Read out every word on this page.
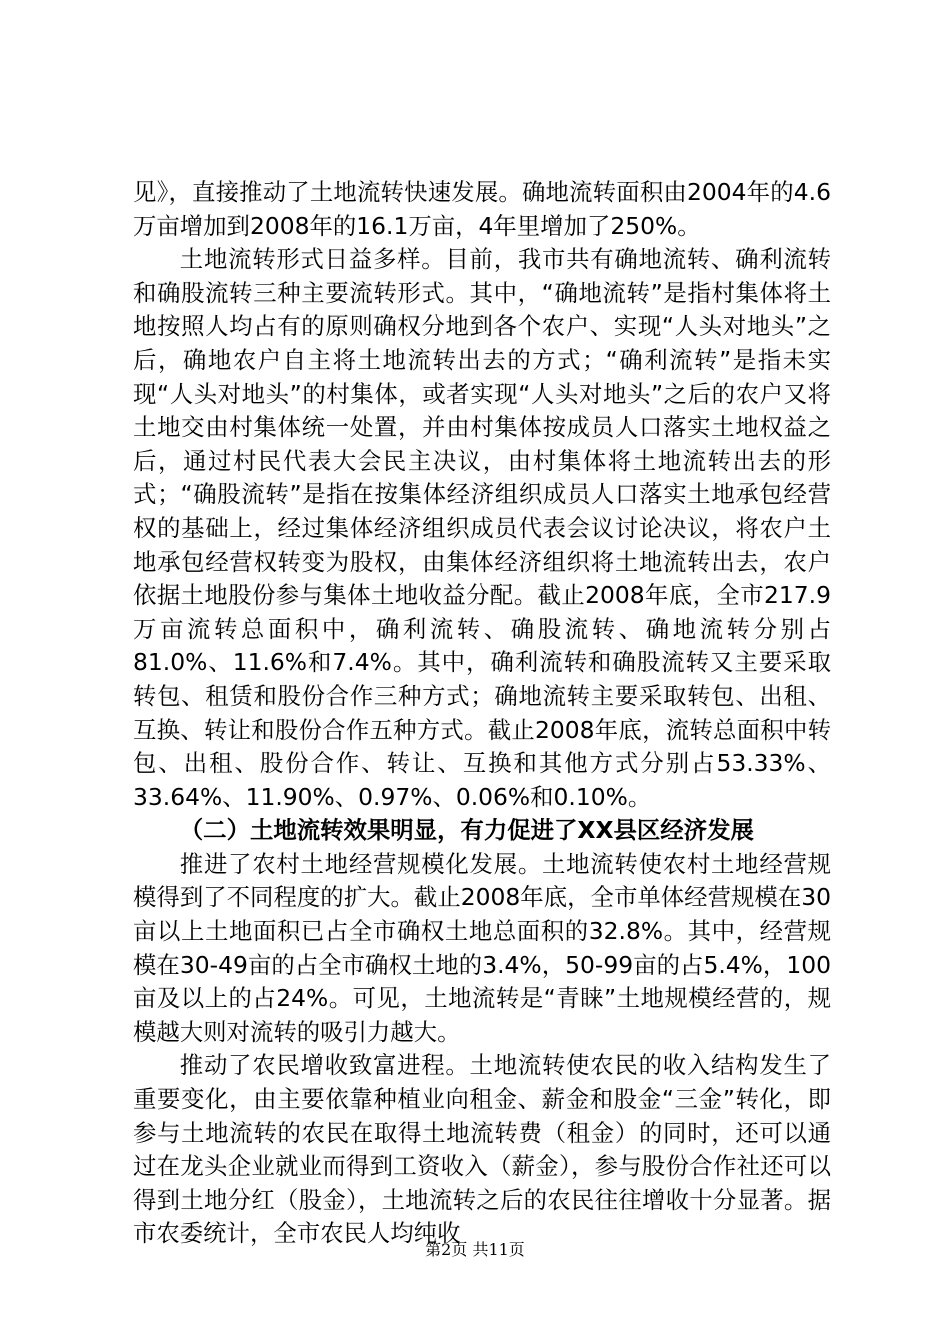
见》，直接推动了土地流转快速发展。确地流转面积由2004年的4.6万亩增加到2008年的16.1万亩，4年里增加了250%。

土地流转形式日益多样。目前，我市共有确地流转、确利流转和确股流转三种主要流转形式。其中，“确地流转”是指村集体将土地按照人均占有的原则确权分地到各个农户、实现“人头对地头”之后，确地农户自主将土地流转出去的方式；“确利流转”是指未实现“人头对地头”的村集体，或者实现“人头对地头”之后的农户又将土地交由村集体统一处置，并由村集体按成员人口落实土地权益之后，通过村民代表大会民主决议，由村集体将土地流转出去的形式；“确股流转”是指在按集体经济组织成员人口落实土地承包经营权的基础上，经过集体经济组织成员代表会议讨论决议，将农户土地承包经营权转变为股权，由集体经济组织将土地流转出去，农户依据土地股份参与集体土地收益分配。截止2008年底，全市217.9万亩流转总面积中，确利流转、确股流转、确地流转分别占81.0%、11.6%和7.4%。其中，确利流转和确股流转又主要采取转包、租赁和股份合作三种方式；确地流转主要采取转包、出租、互换、转让和股份合作五种方式。截止2008年底，流转总面积中转包、出租、股份合作、转让、互换和其他方式分别占53.33%、33.64%、11.90%、0.97%、0.06%和0.10%。

（二）土地流转效果明显，有力促进了XX县区经济发展

推进了农村土地经营规模化发展。土地流转使农村土地经营规模得到了不同程度的扩大。截止2008年底，全市单体经营规模在30亩以上土地面积已占全市确权土地总面积的32.8%。其中，经营规模在30-49亩的占全市确权土地的3.4%，50-99亩的占5.4%，100亩及以上的占24%。可见，土地流转是“青睐”土地规模经营的，规模越大则对流转的吸引力越大。

推动了农民增收致富进程。土地流转使农民的收入结构发生了重要变化，由主要依靠种植业向租金、薪金和股金“三金”转化，即参与土地流转的农民在取得土地流转费（租金）的同时，还可以通过在龙头企业就业而得到工资收入（薪金），参与股份合作社还可以得到土地分红（股金），土地流转之后的农民往往增收十分显著。据市农委统计，全市农民人均纯收

第2页 共11页
